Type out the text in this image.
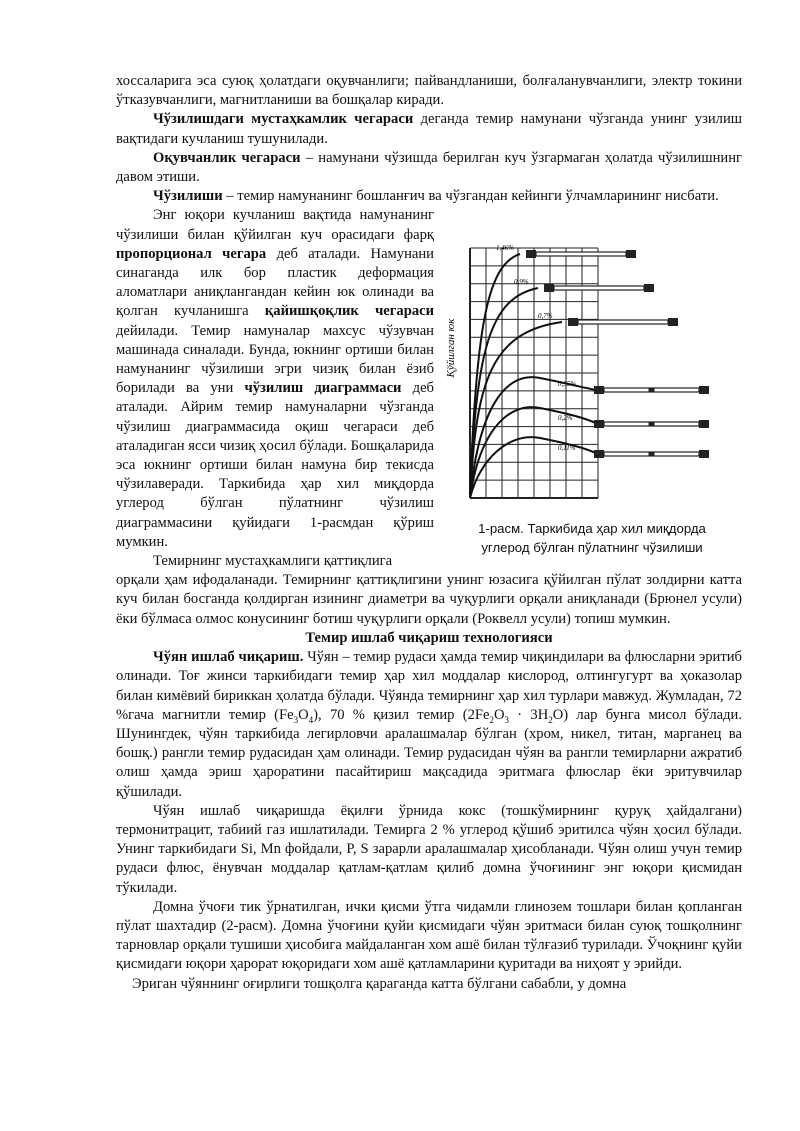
хоссаларига эса суюқ ҳолатдаги оқувчанлиги; пайвандланиши, болғаланувчанлиги, электр токини ўтказувчанлиги, магнитланиши ва бошқалар киради.

Чўзилишдаги мустаҳкамлик чегараси деганда темир намунани чўзганда унинг узилиш вақтидаги кучланиш тушунилади.

Оқувчанлик чегараси – намунани чўзишда берилган куч ўзгармаган ҳолатда чўзилишнинг давом этиши.

Чўзилиши – темир намунанинг бошланғич ва чўзгандан кейинги ўлчамларининг нисбати.

Қўйилган юк
1,46%
0,9%
0,7%
0,35%
0,2%
0,11%
1-расм. Таркибида ҳар хил миқдорда
углерод бўлган пўлатнинг чўзилиши

Энг юқори кучланиш вақтида намунанинг чўзилиши билан қўйилган куч орасидаги фарқ пропорционал чегара деб аталади. Намунани синаганда илк бор пластик деформация аломатлари аниқлангандан кейин юк олинади ва қолган кучланишга қайишқоқлик чегараси дейилади. Темир намуналар махсус чўзувчан машинада синалади. Бунда, юкнинг ортиши билан намунанинг чўзилиши эгри чизиқ билан ёзиб борилади ва уни чўзилиш диаграммаси деб аталади. Айрим темир намуналарни чўзганда чўзилиш диаграммасида оқиш чегараси деб аталадиган ясси чизиқ ҳосил бўлади. Бошқаларида эса юкнинг ортиши билан намуна бир текисда чўзилаверади. Таркибида ҳар хил миқдорда углерод бўлган пўлатнинг чўзилиш диаграммасини қуйидаги 1-расмдан қўриш мумкин.

Темирнинг мустаҳкамлиги қаттиқлига

орқали ҳам ифодаланади. Темирнинг қаттиқлигини унинг юзасига қўйилган пўлат золдирни катта куч билан босганда қолдирган изининг диаметри ва чуқурлиги орқали аниқланади (Брюнел усули) ёки бўлмаса олмос конусининг ботиш чуқурлиги орқали (Роквелл усули) топиш мумкин.

Темир ишлаб чиқариш технологияси

Чўян ишлаб чиқариш. Чўян – темир рудаси ҳамда темир чиқиндилари ва флюсларни эритиб олинади. Тоғ жинси таркибидаги темир ҳар хил моддалар кислород, олтингугурт ва ҳоказолар билан кимёвий бириккан ҳолатда бўлади. Чўянда темирнинг ҳар хил турлари мавжуд. Жумладан, 72 %гача магнитли темир $(Fe_3O_4)$, 70 % қизил темир $(2Fe_2O_3 \cdot 3H_2O)$ лар бунга мисол бўлади. Шунингдек, чўян таркибида легирловчи аралашмалар бўлган (хром, никел, титан, марганец ва бошқ.) рангли темир рудасидан ҳам олинади. Темир рудасидан чўян ва рангли темирларни ажратиб олиш ҳамда эриш ҳароратини пасайтириш мақсадида эритмага флюслар ёки эритувчилар қўшилади.

Чўян ишлаб чиқаришда ёқилғи ўрнида кокс (тошкўмирнинг қуруқ ҳайдалгани) термонитрацит, табиий газ ишлатилади. Темирга 2 % углерод қўшиб эритилса чўян ҳосил бўлади. Унинг таркибидаги Si, Mn фойдали, P, S зарарли аралашмалар ҳисобланади. Чўян олиш учун темир рудаси флюс, ёнувчан моддалар қатлам-қатлам қилиб домна ўчоғининг энг юқори қисмидан тўкилади.

Домна ўчоғи тик ўрнатилган, ички қисми ўтга чидамли глинозем тошлари билан қопланган пўлат шахтадир (2-расм). Домна ўчоғини қуйи қисмидаги чўян эритмаси билан суюқ тошқолнинг тарновлар орқали тушиши ҳисобига майдаланган хом ашё билан тўлғазиб турилади. Ўчоқнинг қуйи қисмидаги юқори ҳарорат юқоридаги хом ашё қатламларини қуритади ва ниҳоят у эрийди.

Эриган чўяннинг оғирлиги тошқолга қараганда катта бўлгани сабабли, у домна
